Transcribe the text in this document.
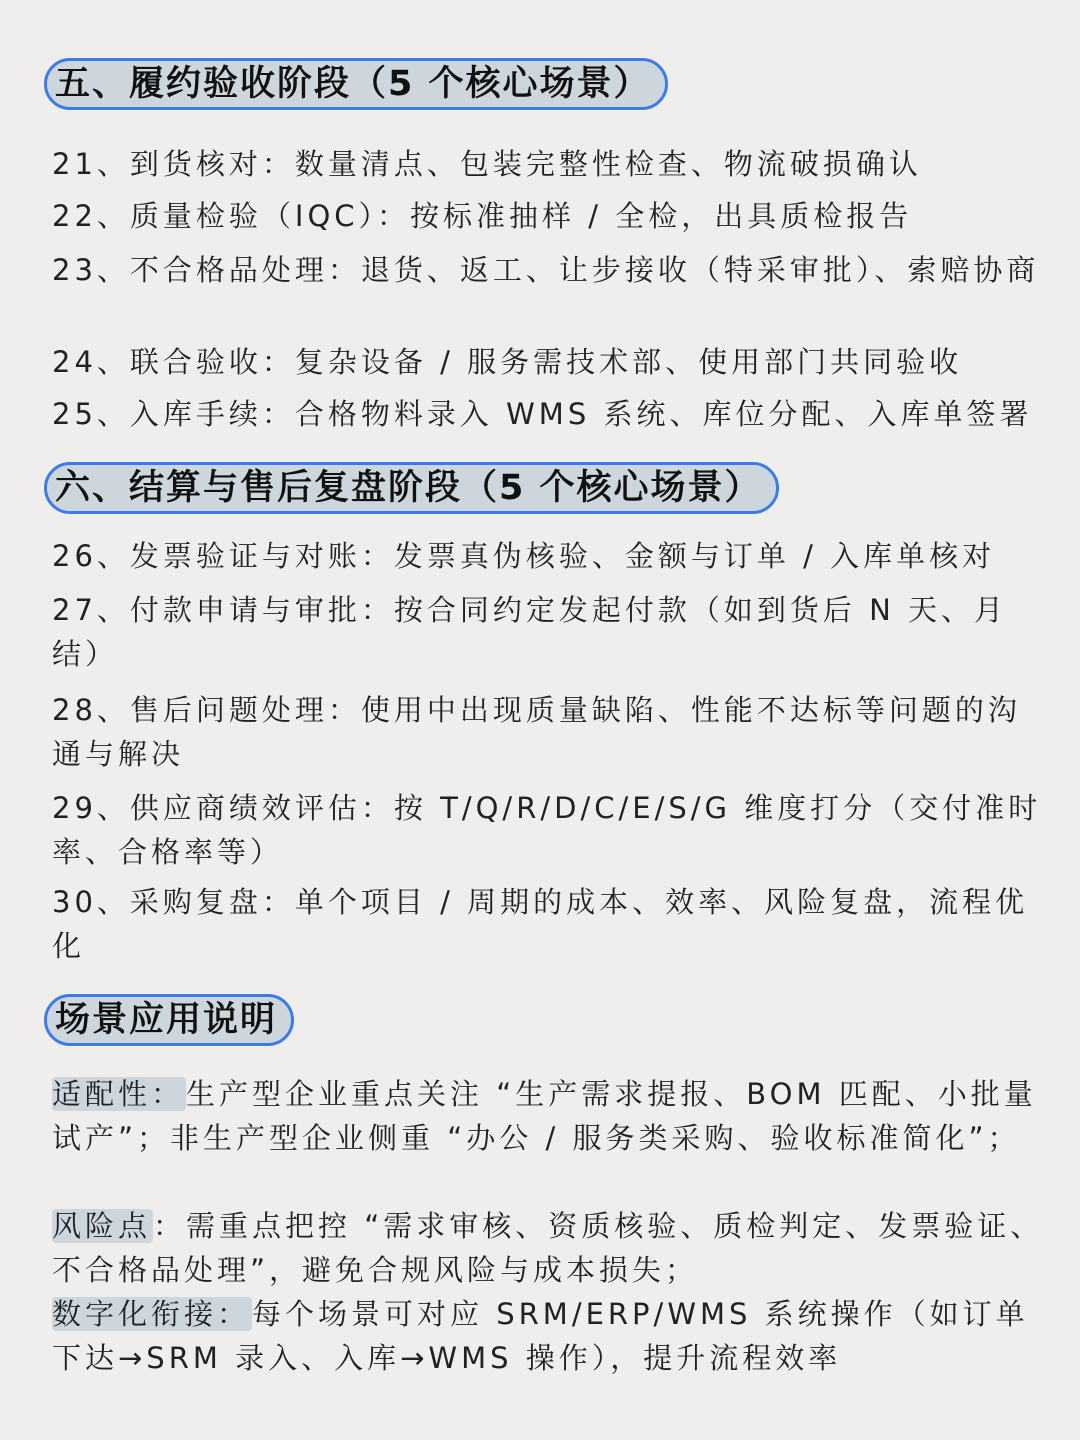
五、履约验收阶段（5 个核心场景）
21、到货核对：数量清点、包装完整性检查、物流破损确认
22、质量检验（IQC）：按标准抽样 / 全检，出具质检报告
23、不合格品处理：退货、返工、让步接收（特采审批）、索赔协商
24、联合验收：复杂设备 / 服务需技术部、使用部门共同验收
25、入库手续：合格物料录入 WMS 系统、库位分配、入库单签署
六、结算与售后复盘阶段（5 个核心场景）
26、发票验证与对账：发票真伪核验、金额与订单 / 入库单核对
27、付款申请与审批：按合同约定发起付款（如到货后 N 天、月结）
28、售后问题处理：使用中出现质量缺陷、性能不达标等问题的沟通与解决
29、供应商绩效评估：按 T/Q/R/D/C/E/S/G 维度打分（交付准时率、合格率等）
30、采购复盘：单个项目 / 周期的成本、效率、风险复盘，流程优化
场景应用说明
适配性：生产型企业重点关注 “生产需求提报、BOM 匹配、小批量试产”；非生产型企业侧重 “办公 / 服务类采购、验收标准简化”；
风险点：需重点把控 “需求审核、资质核验、质检判定、发票验证、不合格品处理”，避免合规风险与成本损失；
数字化衔接：每个场景可对应 SRM/ERP/WMS 系统操作（如订单下达→SRM 录入、入库→WMS 操作），提升流程效率
